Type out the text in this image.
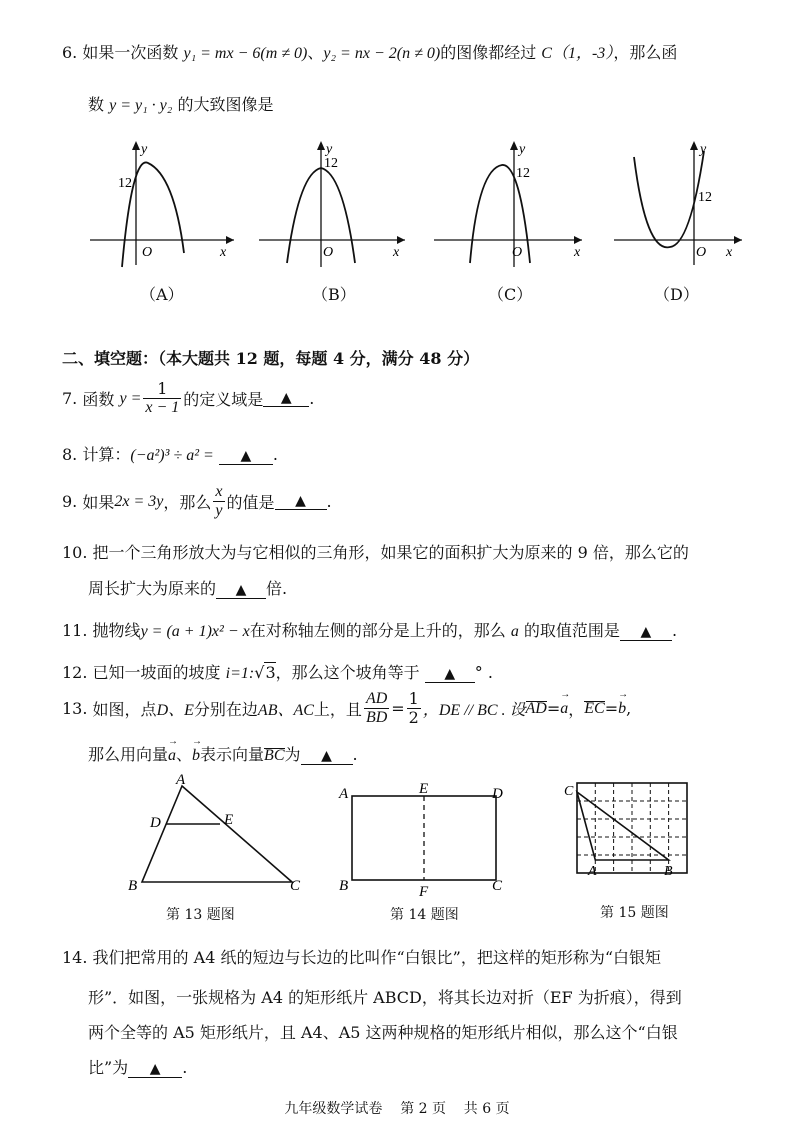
6. 如果一次函数 y₁ = mx − 6(m ≠ 0)、y₂ = nx − 2(n ≠ 0)的图像都经过 C（1，-3），那么函
数 y = y₁ · y₂ 的大致图像是
y
12
O	x
（A）
y
12
O	x
（B）
y
12
O	x
（C）
y
12
O x
（D）
二、填空题：（本大题共 12 题，每题 4 分，满分 48 分）
7.
函数
$y = \frac{1}{x - 1}$ 的定义域是	▲	.
8. 计算：(−a²)³ ÷ a² = ▲ .
9.
如果 2x = 3y ，那么 $\frac{x}{y}$ 的值是	▲	.
10. 把一个三角形放大为与它相似的三角形，如果它的面积扩大为原来的 9 倍，那么它的
周长扩大为原来的 ▲ 倍.
11. 抛物线y = (a + 1)x² − x在对称轴左侧的部分是上升的，那么 a 的取值范围是 ▲ .
12. 已知一坡面的坡度 i=1:√3，那么这个坡角等于 ▲ ° .
13.
如图，点 D、E 分别在边 AB、AC 上，且 $\frac{AD}{BD} = \frac{1}{2}$ ，DE // BC . 设 AD = a → ， EC = b → ,
那么用向量a →、b →表示向量BC为 ▲ .
A
D	E
B	C
第 13 题图
A	E	D
B	F	C
第 14 题图
C
A	B
第 15 题图
14. 我们把常用的 A4 纸的短边与长边的比叫作“白银比”，把这样的矩形称为“白银矩
形”．如图，一张规格为 A4 的矩形纸片 ABCD，将其长边对折（EF 为折痕），得到
两个全等的 A5 矩形纸片，且 A4、A5 这两种规格的矩形纸片相似，那么这个“白银
比”为 ▲ .
九年级数学试卷    第 2 页    共 6 页
